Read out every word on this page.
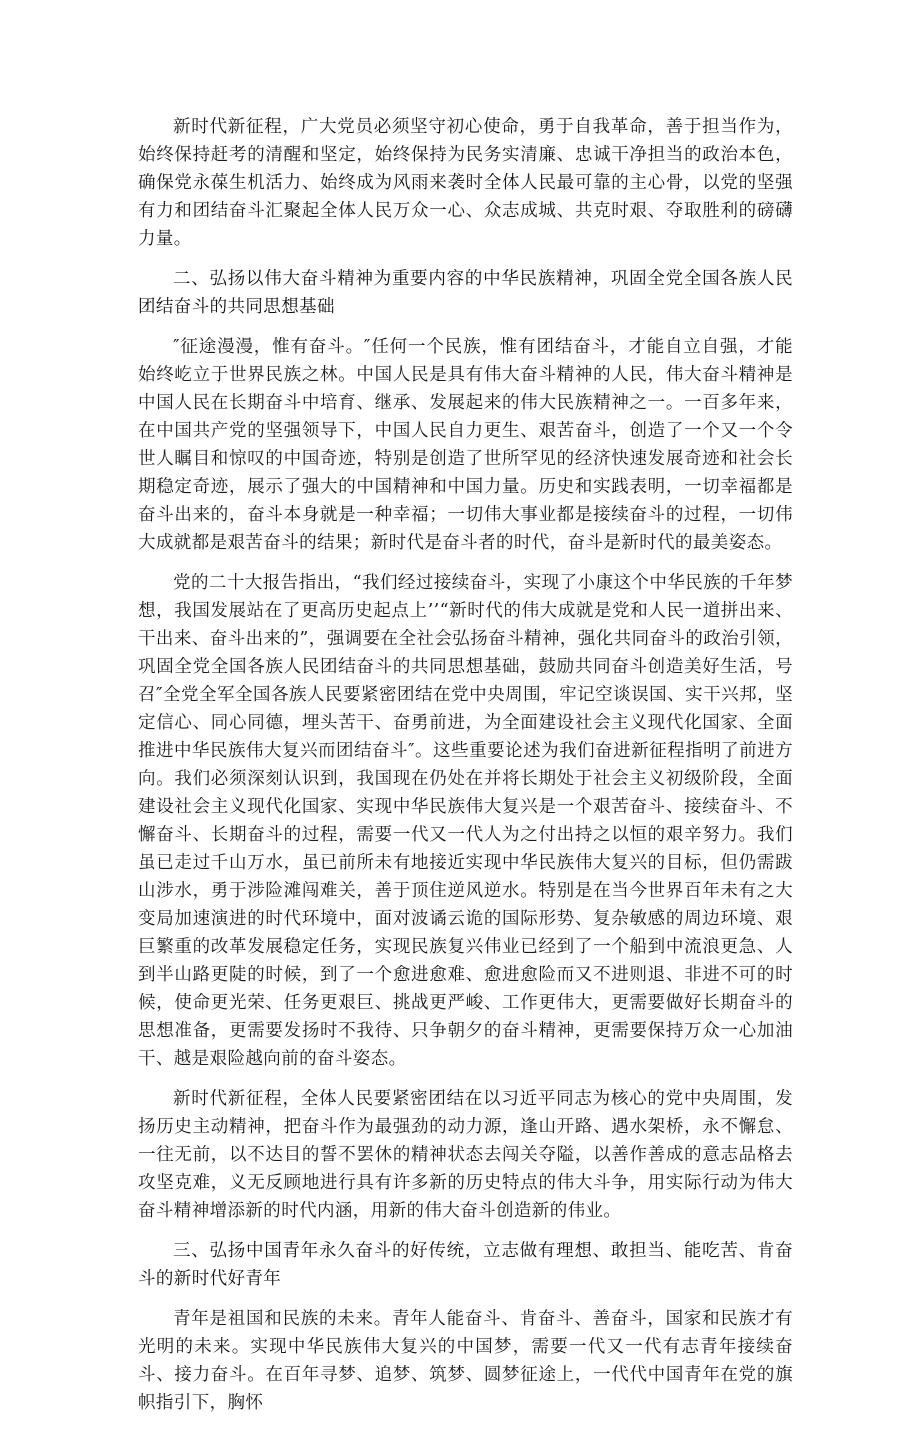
新时代新征程，广大党员必须坚守初心使命，勇于自我革命，善于担当作为，始终保持赶考的清醒和坚定，始终保持为民务实清廉、忠诚干净担当的政治本色，确保党永葆生机活力、始终成为风雨来袭时全体人民最可靠的主心骨，以党的坚强有力和团结奋斗汇聚起全体人民万众一心、众志成城、共克时艰、夺取胜利的磅礴力量。

二、弘扬以伟大奋斗精神为重要内容的中华民族精神，巩固全党全国各族人民团结奋斗的共同思想基础

″征途漫漫，惟有奋斗。″任何一个民族，惟有团结奋斗，才能自立自强，才能始终屹立于世界民族之林。中国人民是具有伟大奋斗精神的人民，伟大奋斗精神是中国人民在长期奋斗中培育、继承、发展起来的伟大民族精神之一。一百多年来，在中国共产党的坚强领导下，中国人民自力更生、艰苦奋斗，创造了一个又一个令世人瞩目和惊叹的中国奇迹，特别是创造了世所罕见的经济快速发展奇迹和社会长期稳定奇迹，展示了强大的中国精神和中国力量。历史和实践表明，一切幸福都是奋斗出来的，奋斗本身就是一种幸福；一切伟大事业都是接续奋斗的过程，一切伟大成就都是艰苦奋斗的结果；新时代是奋斗者的时代，奋斗是新时代的最美姿态。

党的二十大报告指出，“我们经过接续奋斗，实现了小康这个中华民族的千年梦想，我国发展站在了更高历史起点上’’“新时代的伟大成就是党和人民一道拼出来、干出来、奋斗出来的”，强调要在全社会弘扬奋斗精神，强化共同奋斗的政治引领，巩固全党全国各族人民团结奋斗的共同思想基础，鼓励共同奋斗创造美好生活，号召″全党全军全国各族人民要紧密团结在党中央周围，牢记空谈误国、实干兴邦，坚定信心、同心同德，埋头苦干、奋勇前进，为全面建设社会主义现代化国家、全面推进中华民族伟大复兴而团结奋斗″。这些重要论述为我们奋进新征程指明了前进方向。我们必须深刻认识到，我国现在仍处在并将长期处于社会主义初级阶段，全面建设社会主义现代化国家、实现中华民族伟大复兴是一个艰苦奋斗、接续奋斗、不懈奋斗、长期奋斗的过程，需要一代又一代人为之付出持之以恒的艰辛努力。我们虽已走过千山万水，虽已前所未有地接近实现中华民族伟大复兴的目标，但仍需跋山涉水，勇于涉险滩闯难关，善于顶住逆风逆水。特别是在当今世界百年未有之大变局加速演进的时代环境中，面对波谲云诡的国际形势、复杂敏感的周边环境、艰巨繁重的改革发展稳定任务，实现民族复兴伟业已经到了一个船到中流浪更急、人到半山路更陡的时候，到了一个愈进愈难、愈进愈险而又不进则退、非进不可的时候，使命更光荣、任务更艰巨、挑战更严峻、工作更伟大，更需要做好长期奋斗的思想准备，更需要发扬时不我待、只争朝夕的奋斗精神，更需要保持万众一心加油干、越是艰险越向前的奋斗姿态。

新时代新征程，全体人民要紧密团结在以习近平同志为核心的党中央周围，发扬历史主动精神，把奋斗作为最强劲的动力源，逢山开路、遇水架桥，永不懈怠、一往无前，以不达目的誓不罢休的精神状态去闯关夺隘，以善作善成的意志品格去攻坚克难，义无反顾地进行具有许多新的历史特点的伟大斗争，用实际行动为伟大奋斗精神增添新的时代内涵，用新的伟大奋斗创造新的伟业。

三、弘扬中国青年永久奋斗的好传统，立志做有理想、敢担当、能吃苦、肯奋斗的新时代好青年

青年是祖国和民族的未来。青年人能奋斗、肯奋斗、善奋斗，国家和民族才有光明的未来。实现中华民族伟大复兴的中国梦，需要一代又一代有志青年接续奋斗、接力奋斗。在百年寻梦、追梦、筑梦、圆梦征途上，一代代中国青年在党的旗帜指引下，胸怀
